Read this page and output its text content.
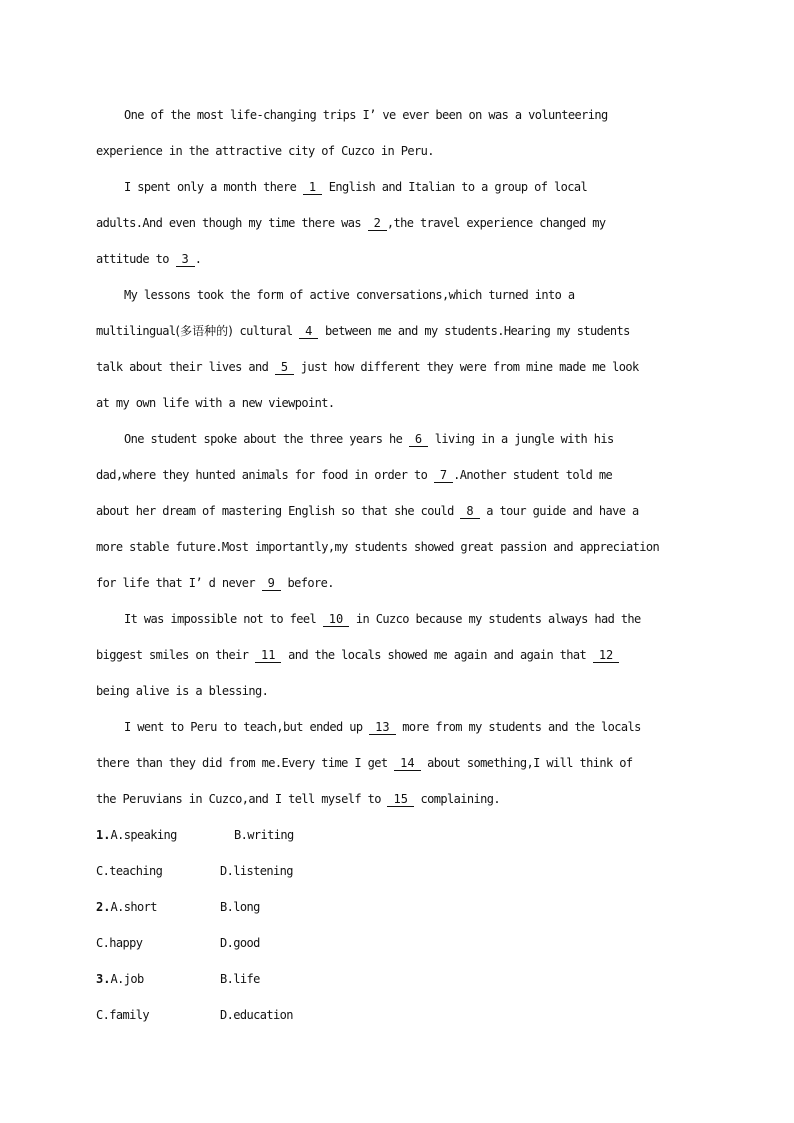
One of the most life-changing trips I’ ve ever been on was a volunteering
experience in the attractive city of Cuzco in Peru.
I spent only a month there 1 English and Italian to a group of local
adults.And even though my time there was 2 ,the travel experience changed my
attitude to 3 .
My lessons took the form of active conversations,which turned into a
multilingual(多语种的) cultural 4 between me and my students.Hearing my students
talk about their lives and 5 just how different they were from mine made me look
at my own life with a new viewpoint.
One student spoke about the three years he 6 living in a jungle with his
dad,where they hunted animals for food in order to 7 .Another student told me
about her dream of mastering English so that she could 8 a tour guide and have a
more stable future.Most importantly,my students showed great passion and appreciation
for life that I’ d never 9 before.
It was impossible not to feel 10 in Cuzco because my students always had the
biggest smiles on their 11 and the locals showed me again and again that 12
being alive is a blessing.
I went to Peru to teach,but ended up 13 more from my students and the locals
there than they did from me.Every time I get 14 about something,I will think of
the Peruvians in Cuzco,and I tell myself to 15 complaining.
1.A.speaking	B.writing
C.teaching	D.listening
2.A.short	B.long
C.happy	D.good
3.A.job	B.life
C.family	D.education
